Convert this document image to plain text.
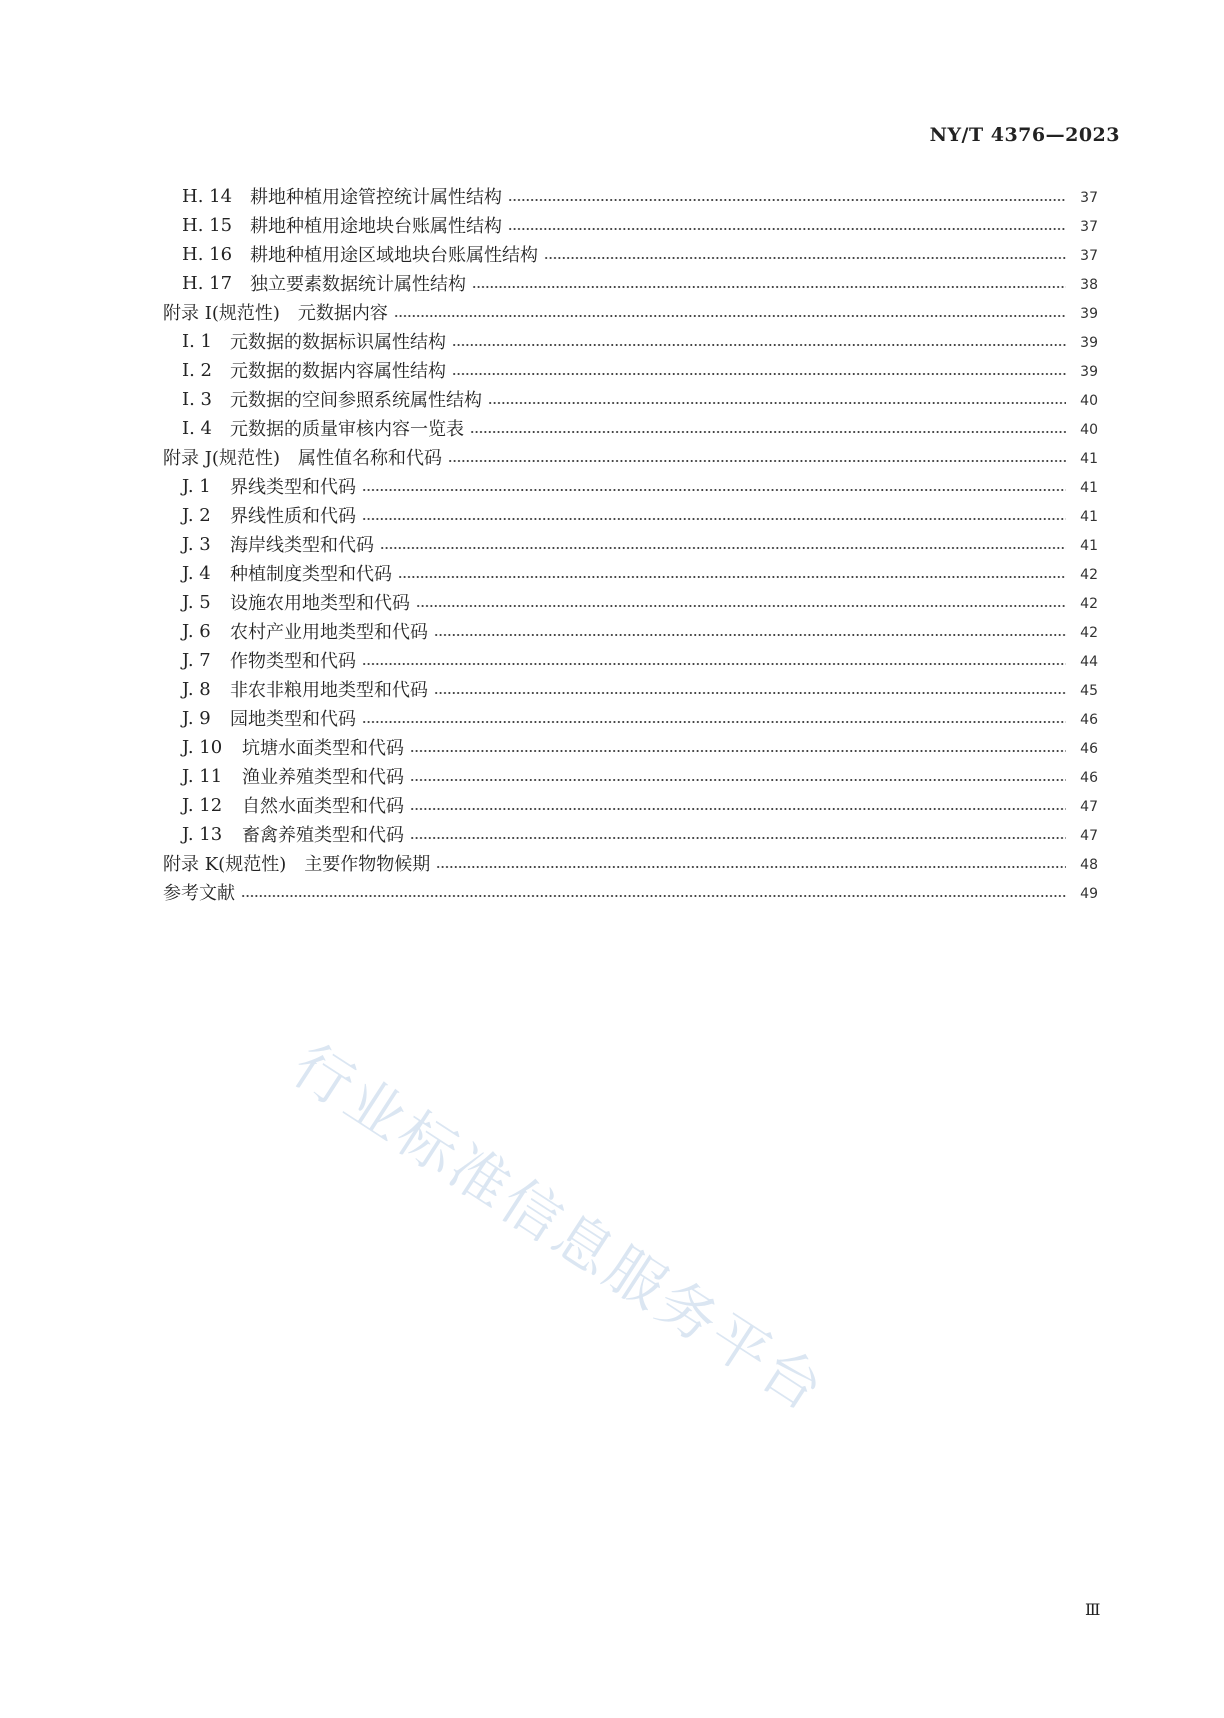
NY/T 4376—2023
H. 14 耕地种植用途管控统计属性结构	37
H. 15 耕地种植用途地块台账属性结构	37
H. 16 耕地种植用途区域地块台账属性结构	37
H. 17 独立要素数据统计属性结构	38
附录 I(规范性) 元数据内容	39
I. 1 元数据的数据标识属性结构	39
I. 2 元数据的数据内容属性结构	39
I. 3 元数据的空间参照系统属性结构	40
I. 4 元数据的质量审核内容一览表	40
附录 J(规范性) 属性值名称和代码	41
J. 1	界线类型和代码	41
J. 2	界线性质和代码	41
J. 3	海岸线类型和代码	41
J. 4	种植制度类型和代码	42
J. 5	设施农用地类型和代码	42
J. 6	农村产业用地类型和代码	42
J. 7	作物类型和代码	44
J. 8	非农非粮用地类型和代码	45
J. 9	园地类型和代码	46
J. 10	坑塘水面类型和代码	46
J. 11	渔业养殖类型和代码	46
J. 12	自然水面类型和代码	47
J. 13	畜禽养殖类型和代码	47
附录 K(规范性) 主要作物物候期	48
参考文献	49
行业标准信息服务平台
Ⅲ
